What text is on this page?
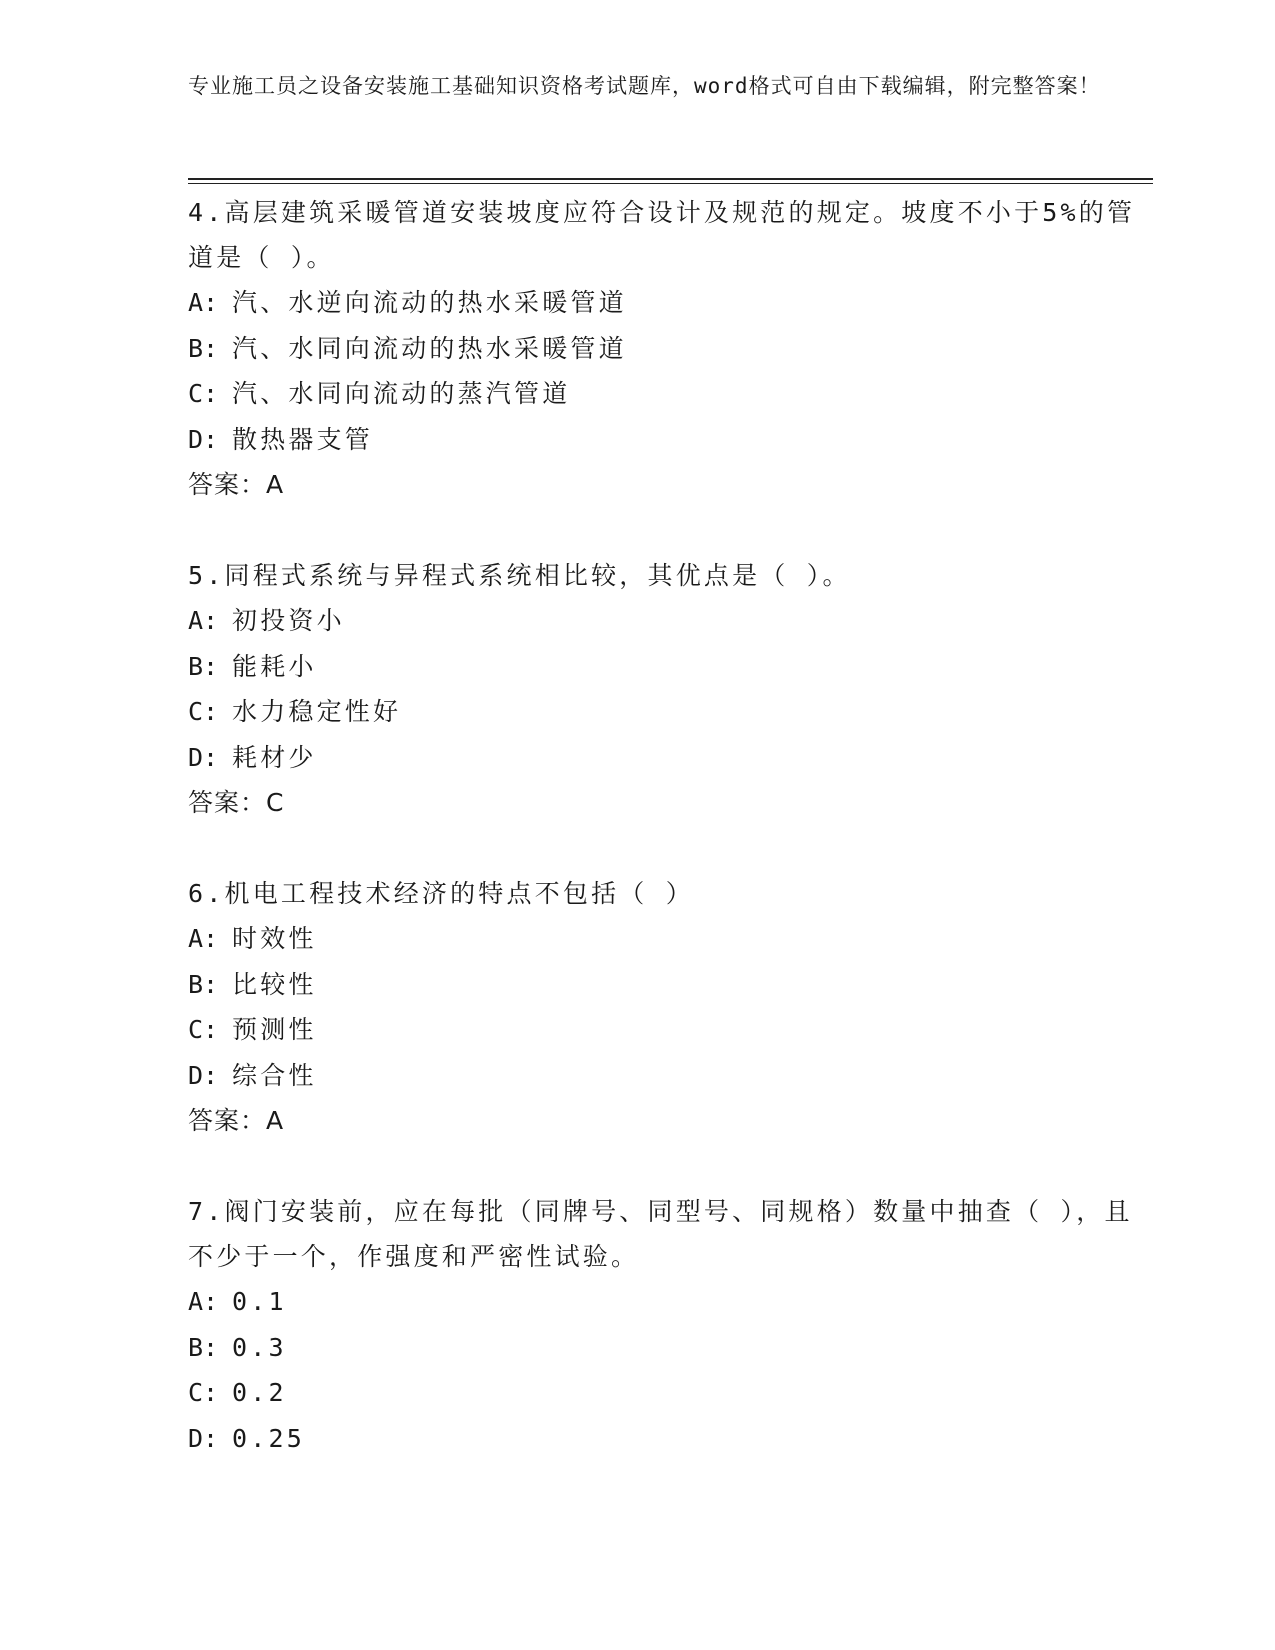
专业施工员之设备安装施工基础知识资格考试题库，word格式可自由下载编辑，附完整答案！

4.高层建筑采暖管道安装坡度应符合设计及规范的规定。坡度不小于5%的管道是（ ）。

A: 汽、水逆向流动的热水采暖管道

B: 汽、水同向流动的热水采暖管道

C: 汽、水同向流动的蒸汽管道

D: 散热器支管

答案：A

5.同程式系统与异程式系统相比较，其优点是（ ）。

A: 初投资小

B: 能耗小

C: 水力稳定性好

D: 耗材少

答案：C

6.机电工程技术经济的特点不包括（ ）

A: 时效性

B: 比较性

C: 预测性

D: 综合性

答案：A

7.阀门安装前，应在每批（同牌号、同型号、同规格）数量中抽查（ ），且不少于一个，作强度和严密性试验。

A: 0.1

B: 0.3

C: 0.2

D: 0.25
